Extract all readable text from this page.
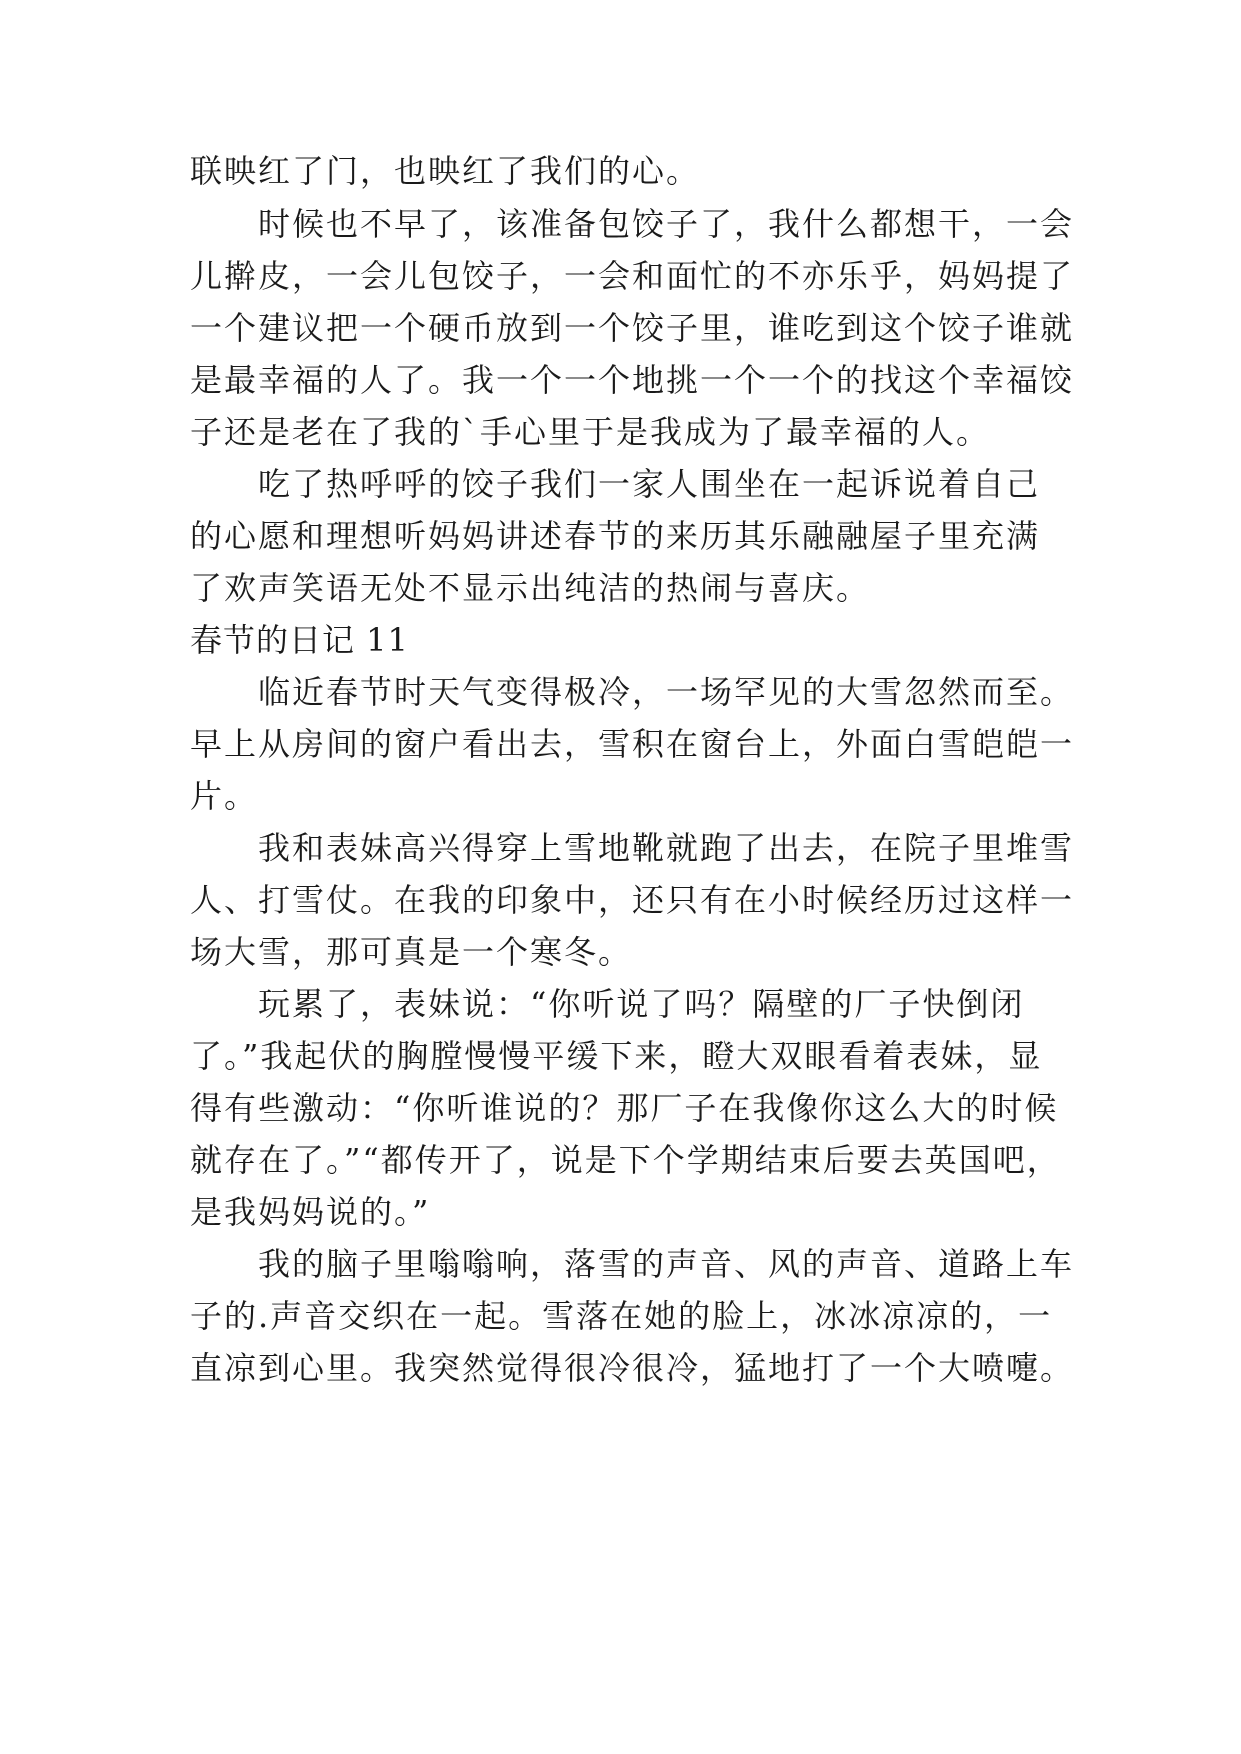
联映红了门，也映红了我们的心。
时候也不早了，该准备包饺子了，我什么都想干，一会
儿擀皮，一会儿包饺子，一会和面忙的不亦乐乎，妈妈提了
一个建议把一个硬币放到一个饺子里，谁吃到这个饺子谁就
是最幸福的人了。我一个一个地挑一个一个的找这个幸福饺
子还是老在了我的`手心里于是我成为了最幸福的人。
吃了热呼呼的饺子我们一家人围坐在一起诉说着自己
的心愿和理想听妈妈讲述春节的来历其乐融融屋子里充满
了欢声笑语无处不显示出纯洁的热闹与喜庆。
春节的日记 11
临近春节时天气变得极冷，一场罕见的大雪忽然而至。
早上从房间的窗户看出去，雪积在窗台上，外面白雪皑皑一
片。
我和表妹高兴得穿上雪地靴就跑了出去，在院子里堆雪
人、打雪仗。在我的印象中，还只有在小时候经历过这样一
场大雪，那可真是一个寒冬。
玩累了，表妹说：“你听说了吗？隔壁的厂子快倒闭
了。”我起伏的胸膛慢慢平缓下来，瞪大双眼看着表妹，显
得有些激动：“你听谁说的？那厂子在我像你这么大的时候
就存在了。”“都传开了，说是下个学期结束后要去英国吧，
是我妈妈说的。”
我的脑子里嗡嗡响，落雪的声音、风的声音、道路上车
子的.声音交织在一起。雪落在她的脸上，冰冰凉凉的，一
直凉到心里。我突然觉得很冷很冷，猛地打了一个大喷嚏。
